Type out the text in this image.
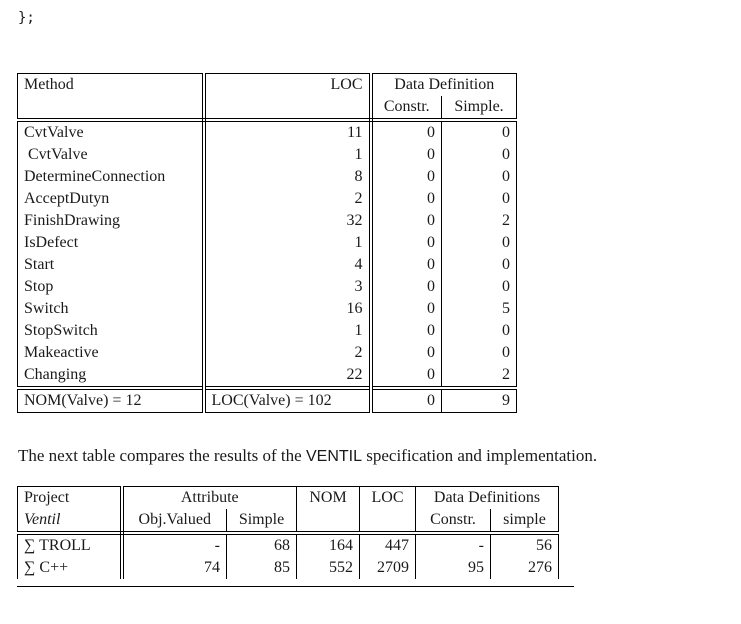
};
Method	LOC	Data Definition	
		Constr.	Simple.
CvtValve	11	0	0
CvtValve	1	0	0
DetermineConnection	8	0	0
AcceptDutyn	2	0	0
FinishDrawing	32	0	2
IsDefect	1	0	0
Start	4	0	0
Stop	3	0	0
Switch	16	0	5
StopSwitch	1	0	0
Makeactive	2	0	0
Changing	22	0	2
NOM(Valve) = 12	LOC(Valve) = 102	0	9
The next table compares the results of the VENTIL specification and implementation.
Project	Attribute		NOM	LOC	Data Definitions	
Ventil	Obj.Valued	Simple			Constr.	simple
∑ TROLL	-	68	164	447	-	56
∑ C++	74	85	552	2709	95	276
